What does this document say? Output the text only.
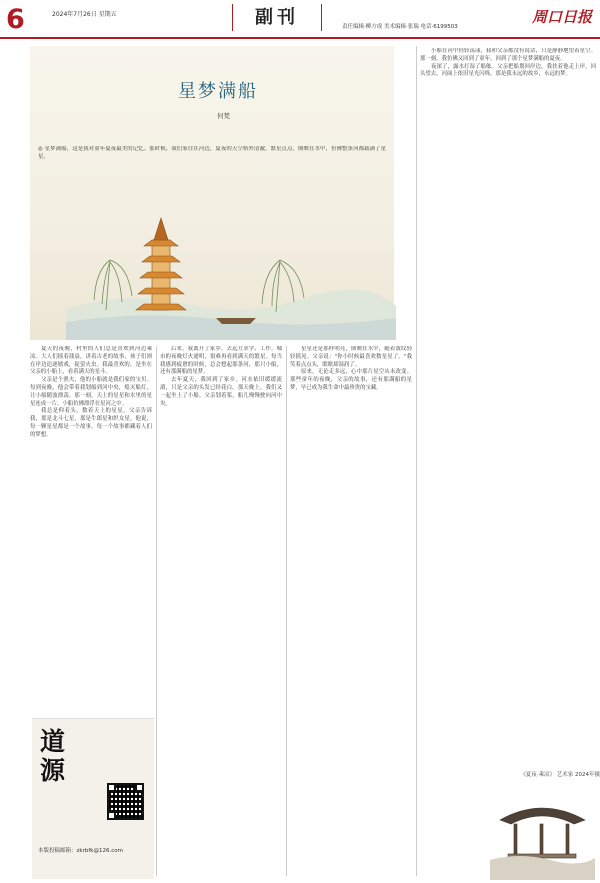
6	2024年7月26日 星期五	副刊	责任编辑·柳方成 美术编辑·张瑞 电话·6199503
周口日报
星梦满船
何梵

◎ 星梦满船，这是我对童年夏夜最美的记忆。那时候，我们家住在河边，夏夜的天空格外清澈，繁星点点，倒映在水中，仿佛整条河都载满了星星。

夏天的夜晚，村里的人们总是喜欢到河边乘凉。大人们摇着蒲扇，讲着古老的故事，孩子们则在岸边追逐嬉戏，捉萤火虫。我最喜欢的，是坐在父亲的小船上，看着满天的星斗。

父亲是个渔夫，他的小船就是我们家的宝贝。每到夜晚，他会带着我划船到河中央，熄灭船灯，让小船随波漂荡。那一刻，天上的星星和水里的星星连成一片，小船仿佛漂浮在星河之中。

我总是仰着头，数着天上的星星。父亲告诉我，那是北斗七星，那是牛郎星和织女星。他说，每一颗星星都是一个故事，每一个故事都藏着人们的梦想。

后来，我离开了家乡，去远方求学、工作。城市的夜晚灯火通明，很难再看到满天的繁星。每当我感到疲惫的时候，总会想起那条河，那只小船，还有那满船的星梦。

去年夏天，我回到了家乡。河水依旧缓缓流淌，只是父亲的头发已经花白。那天晚上，我们又一起坐上了小船。父亲划着桨，船儿慢慢驶向河中央。

星星还是那样明亮，倒映在水中，随着波纹轻轻摇晃。父亲说："你小时候最喜欢数星星了。"我笑着点点头，眼眶却湿润了。

原来，无论走多远，心中那片星空从未改变。那些童年的夜晚，父亲的故事，还有那满船的星梦，早已成为我生命中最珍贵的宝藏。

小船在河中轻轻荡漾，我和父亲都没有说话，只是静静地望着星空。那一刻，我仿佛又回到了童年，回到了那个星梦满船的夏夜。

夜深了，露水打湿了船舷。父亲把船划回岸边，我扶着他走上岸。回头望去，河面上依旧星光闪烁，那是我永远的故乡，永远的梦。

道
源
本版投稿邮箱：zkrbfk@126.com
《夏夜·乘凉》 艺术家 2024年摄
